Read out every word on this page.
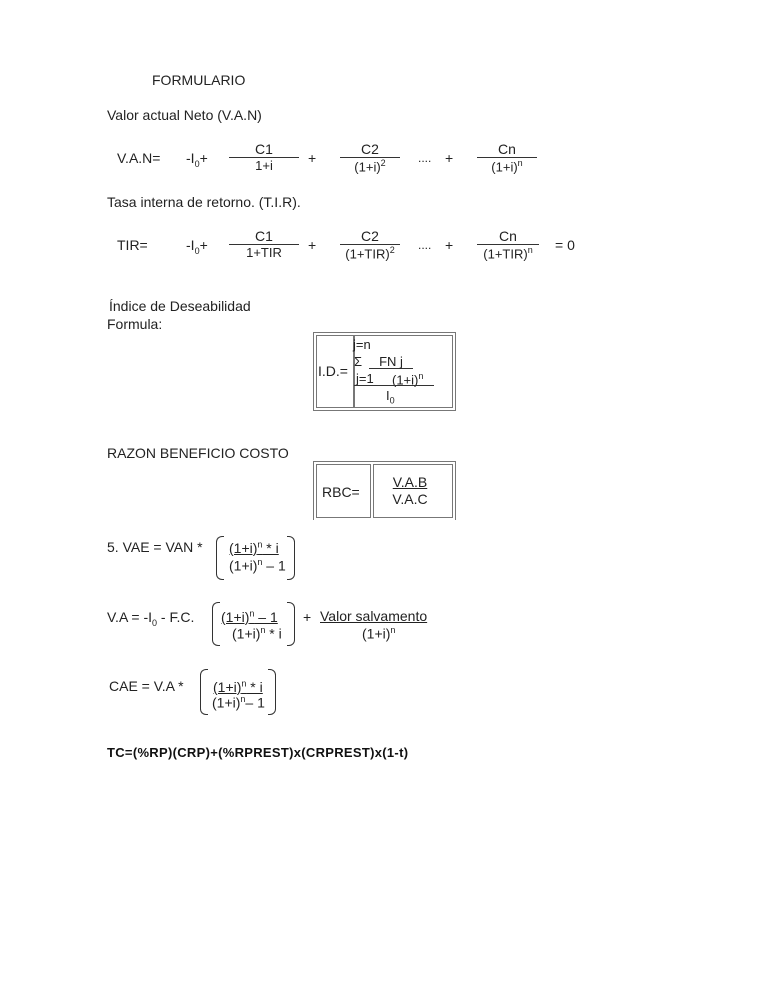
FORMULARIO
Valor actual Neto (V.A.N)
$V.A.N= -I_0+$
C1
1+i	+
C2
$(1+i)^2$	.... +
Cn
$(1+i)^n$
Tasa interna de retorno. (T.I.R).
TIR=	$-I_0+$
C1
1+TIR	+
C2
$(1+TIR)^2$	.... +
Cn
$(1+TIR)^n$	= 0
Índice de Deseabilidad
Formula:
I.D.=
j=n
Σ	FN j
j=1 $(1+i)^n$
$I_0$
RAZON BENEFICIO COSTO
RBC=
V.A.B
V.A.C
5. VAE = VAN * $(1+i)^n * i$
$(1+i)^n - 1$
$V.A = -I_0 - F.C$. $(1+i)^n - 1$
$(1+i)^n * i$
+ Valor salvamento
$(1+i)^n$
CAE = $V.A * (1+i)^n * i$
$(1+i)^n-$ 1
TC=(%RP)(CRP)+(%RPREST)x(CRPREST)x(1-t)
